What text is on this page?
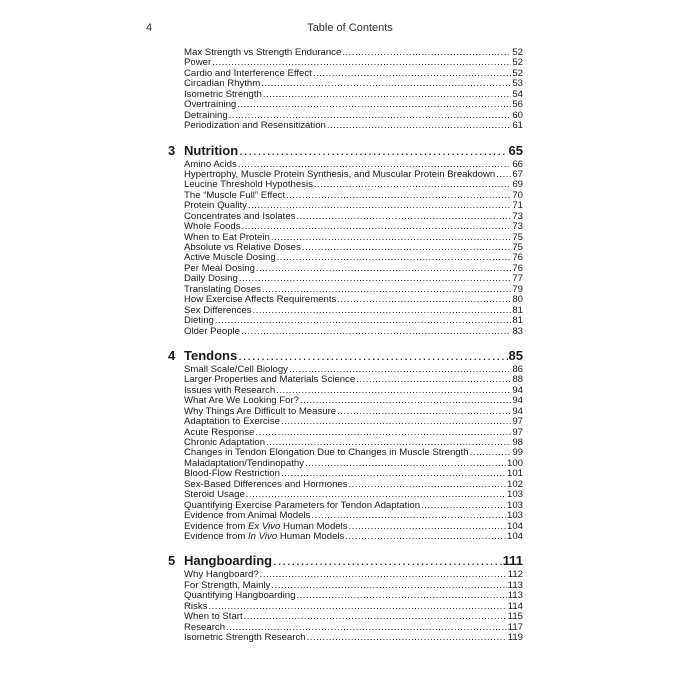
4	Table of Contents
Max Strength vs Strength Endurance .....	52
Power .....	52
Cardio and Interference Effect .....	52
Circadian Rhythm .....	53
Isometric Strength .....	54
Overtraining .....	56
Detraining .....	60
Periodization and Resensitization .....	61
3 Nutrition .....	65
Amino Acids .....	66
Hypertrophy, Muscle Protein Synthesis, and Muscular Protein Breakdown ..... 67
Leucine Threshold Hypothesis .....	69
The “Muscle Full” Effect .....	70
Protein Quality .....	71
Concentrates and Isolates .....	73
Whole Foods .....	73
When to Eat Protein .....	75
Absolute vs Relative Doses .....	75
Active Muscle Dosing .....	76
Per Meal Dosing .....	76
Daily Dosing .....	77
Translating Doses .....	79
How Exercise Affects Requirements .....	80
Sex Differences .....	81
Dieting .....	81
Older People .....	83
4 Tendons .....	85
Small Scale/Cell Biology .....	86
Larger Properties and Materials Science .....	88
Issues with Research .....	94
What Are We Looking For? .....	94
Why Things Are Difficult to Measure .....	94
Adaptation to Exercise .....	97
Acute Response .....	97
Chronic Adaptation .....	98
Changes in Tendon Elongation Due to Changes in Muscle Strength .....	99
Maladaptation/Tendinopathy .....	100
Blood-Flow Restriction .....	101
Sex-Based Differences and Hormones .....	102
Steroid Usage .....	103
Quantifying Exercise Parameters for Tendon Adaptation .....	103
Evidence from Animal Models .....	103
Evidence from Ex Vivo Human Models .....	104
Evidence from In Vivo Human Models .....	104
5 Hangboarding .....	111
Why Hangboard? .....	112
For Strength, Mainly .....	113
Quantifying Hangboarding .....	113
Risks .....	114
When to Start .....	115
Research .....	117
Isometric Strength Research .....	119
